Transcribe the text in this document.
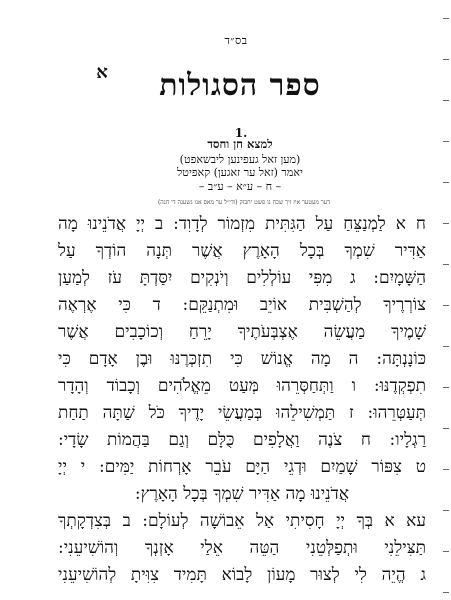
בס״ד
א	ספר הסגולות
1.
למצא חן וחסד
(מען זאל געפינען ליבשאפט)
יאמר (זאל ער זאגען) קאפיטל
– ח – ע״א – ע״ב –
דער מעטער איז זיך שכח נו פשט יחבוק (ודי״ל ער מאס אנו גשענה די חנה)
ח א לַמְנַצֵּחַ עַל הַגִּתִּית מִזְמוֹר לְדָוִד: ב יְיָ אֲדֹנֵינוּ מָה
אַדִּיר שִׁמְךָ בְּכָל הָאָרֶץ אֲשֶׁר תְּנָה הוֹדְךָ עַל
הַשָּׁמָיִם: ג מִפִּי עוֹלְלִים וְיֹנְקִים יִסַּדְתָּ עֹז לְמַעַן
צוֹרְרֶיךָ לְהַשְׁבִּית אוֹיֵב וּמִתְנַקֵּם: ד כִּי אֶרְאֶה
שָׁמֶיךָ מַעֲשֵׂה אֶצְבְּעֹתֶיךָ יָרֵחַ וְכוֹכָבִים אֲשֶׁר
כּוֹנָנְתָּה: ה מָה אֱנוֹשׁ כִּי תִזְכְּרֶנּוּ וּבֶן אָדָם כִּי
תִפְקְדֶנּוּ: ו וַתְּחַסְּרֵהוּ מְּעַט מֵאֱלֹהִים וְכָבוֹד וְהָדָר
תְּעַטְּרֵהוּ: ז תַּמְשִׁילֵהוּ בְּמַעֲשֵׂי יָדֶיךָ כֹּל שַׁתָּה תַחַת
רַגְלָיו: ח צֹנֶה וַאֲלָפִים כֻּלָּם וְגַם בַּהֲמוֹת שָׂדָי:
ט צִפּוֹר שָׁמַיִם וּדְגֵי הַיָּם עֹבֵר אָרְחוֹת יַמִּים: י יְיָ
אֲדֹנֵינוּ מָה אַדִּיר שִׁמְךָ בְּכָל הָאָרֶץ:
עא א בְּךָ יְיָ חָסִיתִי אַל אֵבוֹשָׁה לְעוֹלָם: ב בְּצִדְקָתְךָ
תַּצִּילֵנִי וּתְפַלְּטֵנִי הַטֵּה אֵלַי אָזְנְךָ וְהוֹשִׁיעֵנִי:
ג הֱיֵה לִי לְצוּר מָעוֹן לָבוֹא תָּמִיד צִוִּיתָ לְהוֹשִׁיעֵנִי
